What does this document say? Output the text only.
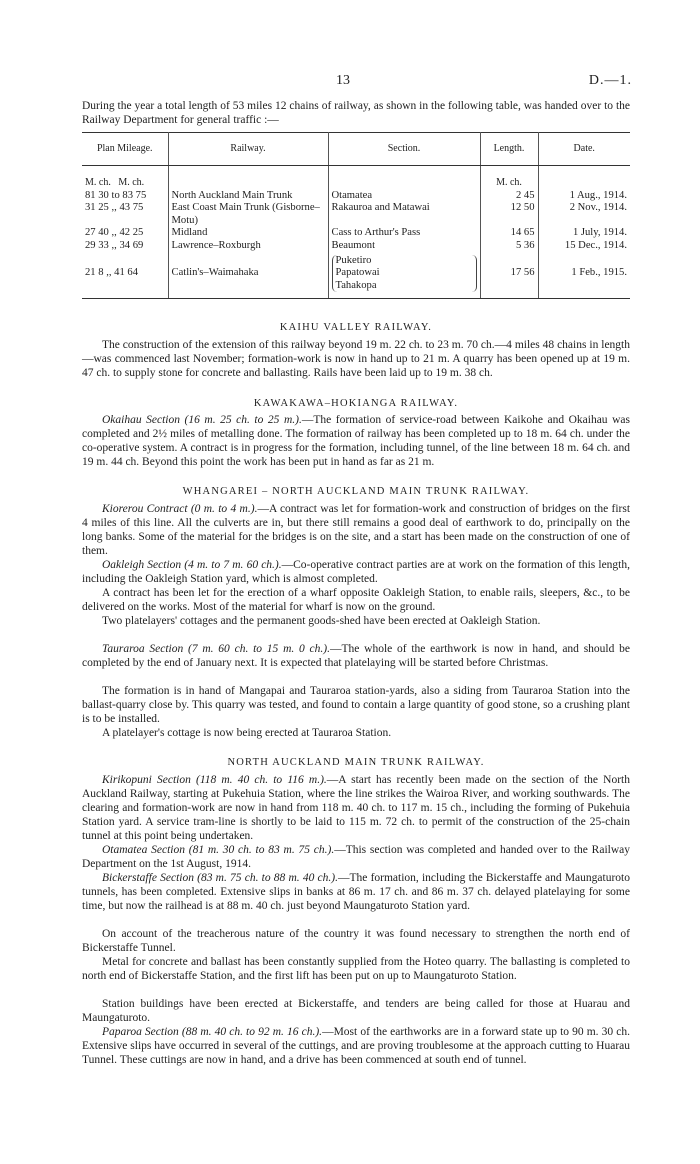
13	D.—1.

During the year a total length of 53 miles 12 chains of railway, as shown in the following table, was handed over to the Railway Department for general traffic :—

Plan Mileage.	Railway.	Section.	Length.	Date.
M. ch. M. ch.			M. ch.	
81 30 to 83 75	North Auckland Main Trunk	Otamatea	2 45	1 Aug., 1914.
31 25 ,, 43 75	East Coast Main Trunk (Gisborne–Motu)	Rakauroa and Matawai	12 50	2 Nov., 1914.
27 40 ,, 42 25	Midland	Cass to Arthur's Pass	14 65	1 July, 1914.
29 33 ,, 34 69	Lawrence–Roxburgh	Beaumont	5 36	15 Dec., 1914.
21 8 ,, 41 64	Catlin's–Waimahaka	Puketiro
Papatowai
Tahakopa	17 56	1 Feb., 1915.
KAIHU VALLEY RAILWAY.

The construction of the extension of this railway beyond 19 m. 22 ch. to 23 m. 70 ch.—4 miles 48 chains in length—was commenced last November; formation-work is now in hand up to 21 m. A quarry has been opened up at 19 m. 47 ch. to supply stone for concrete and ballasting. Rails have been laid up to 19 m. 38 ch.

KAWAKAWA–HOKIANGA RAILWAY.

Okaihau Section (16 m. 25 ch. to 25 m.).—The formation of service-road between Kaikohe and Okaihau was completed and 2½ miles of metalling done. The formation of railway has been completed up to 18 m. 64 ch. under the co-operative system. A contract is in progress for the formation, including tunnel, of the line between 18 m. 64 ch. and 19 m. 44 ch. Beyond this point the work has been put in hand as far as 21 m.

WHANGAREI – NORTH AUCKLAND MAIN TRUNK RAILWAY.

Kiorerou Contract (0 m. to 4 m.).—A contract was let for formation-work and construction of bridges on the first 4 miles of this line. All the culverts are in, but there still remains a good deal of earthwork to do, principally on the long banks. Some of the material for the bridges is on the site, and a start has been made on the construction of one of them.

Oakleigh Section (4 m. to 7 m. 60 ch.).—Co-operative contract parties are at work on the formation of this length, including the Oakleigh Station yard, which is almost completed.

A contract has been let for the erection of a wharf opposite Oakleigh Station, to enable rails, sleepers, &c., to be delivered on the works. Most of the material for wharf is now on the ground.

Two platelayers' cottages and the permanent goods-shed have been erected at Oakleigh Station.

Tauraroa Section (7 m. 60 ch. to 15 m. 0 ch.).—The whole of the earthwork is now in hand, and should be completed by the end of January next. It is expected that platelaying will be started before Christmas.

The formation is in hand of Mangapai and Tauraroa station-yards, also a siding from Tauraroa Station into the ballast-quarry close by. This quarry was tested, and found to contain a large quantity of good stone, so a crushing plant is to be installed.

A platelayer's cottage is now being erected at Tauraroa Station.

NORTH AUCKLAND MAIN TRUNK RAILWAY.

Kirikopuni Section (118 m. 40 ch. to 116 m.).—A start has recently been made on the section of the North Auckland Railway, starting at Pukehuia Station, where the line strikes the Wairoa River, and working southwards. The clearing and formation-work are now in hand from 118 m. 40 ch. to 117 m. 15 ch., including the forming of Pukehuia Station yard. A service tram-line is shortly to be laid to 115 m. 72 ch. to permit of the construction of the 25-chain tunnel at this point being undertaken.

Otamatea Section (81 m. 30 ch. to 83 m. 75 ch.).—This section was completed and handed over to the Railway Department on the 1st August, 1914.

Bickerstaffe Section (83 m. 75 ch. to 88 m. 40 ch.).—The formation, including the Bickerstaffe and Maungaturoto tunnels, has been completed. Extensive slips in banks at 86 m. 17 ch. and 86 m. 37 ch. delayed platelaying for some time, but now the railhead is at 88 m. 40 ch. just beyond Maungaturoto Station yard.

On account of the treacherous nature of the country it was found necessary to strengthen the north end of Bickerstaffe Tunnel.

Metal for concrete and ballast has been constantly supplied from the Hoteo quarry. The ballasting is completed to north end of Bickerstaffe Station, and the first lift has been put on up to Maungaturoto Station.

Station buildings have been erected at Bickerstaffe, and tenders are being called for those at Huarau and Maungaturoto.

Paparoa Section (88 m. 40 ch. to 92 m. 16 ch.).—Most of the earthworks are in a forward state up to 90 m. 30 ch. Extensive slips have occurred in several of the cuttings, and are proving troublesome at the approach cutting to Huarau Tunnel. These cuttings are now in hand, and a drive has been commenced at south end of tunnel.
